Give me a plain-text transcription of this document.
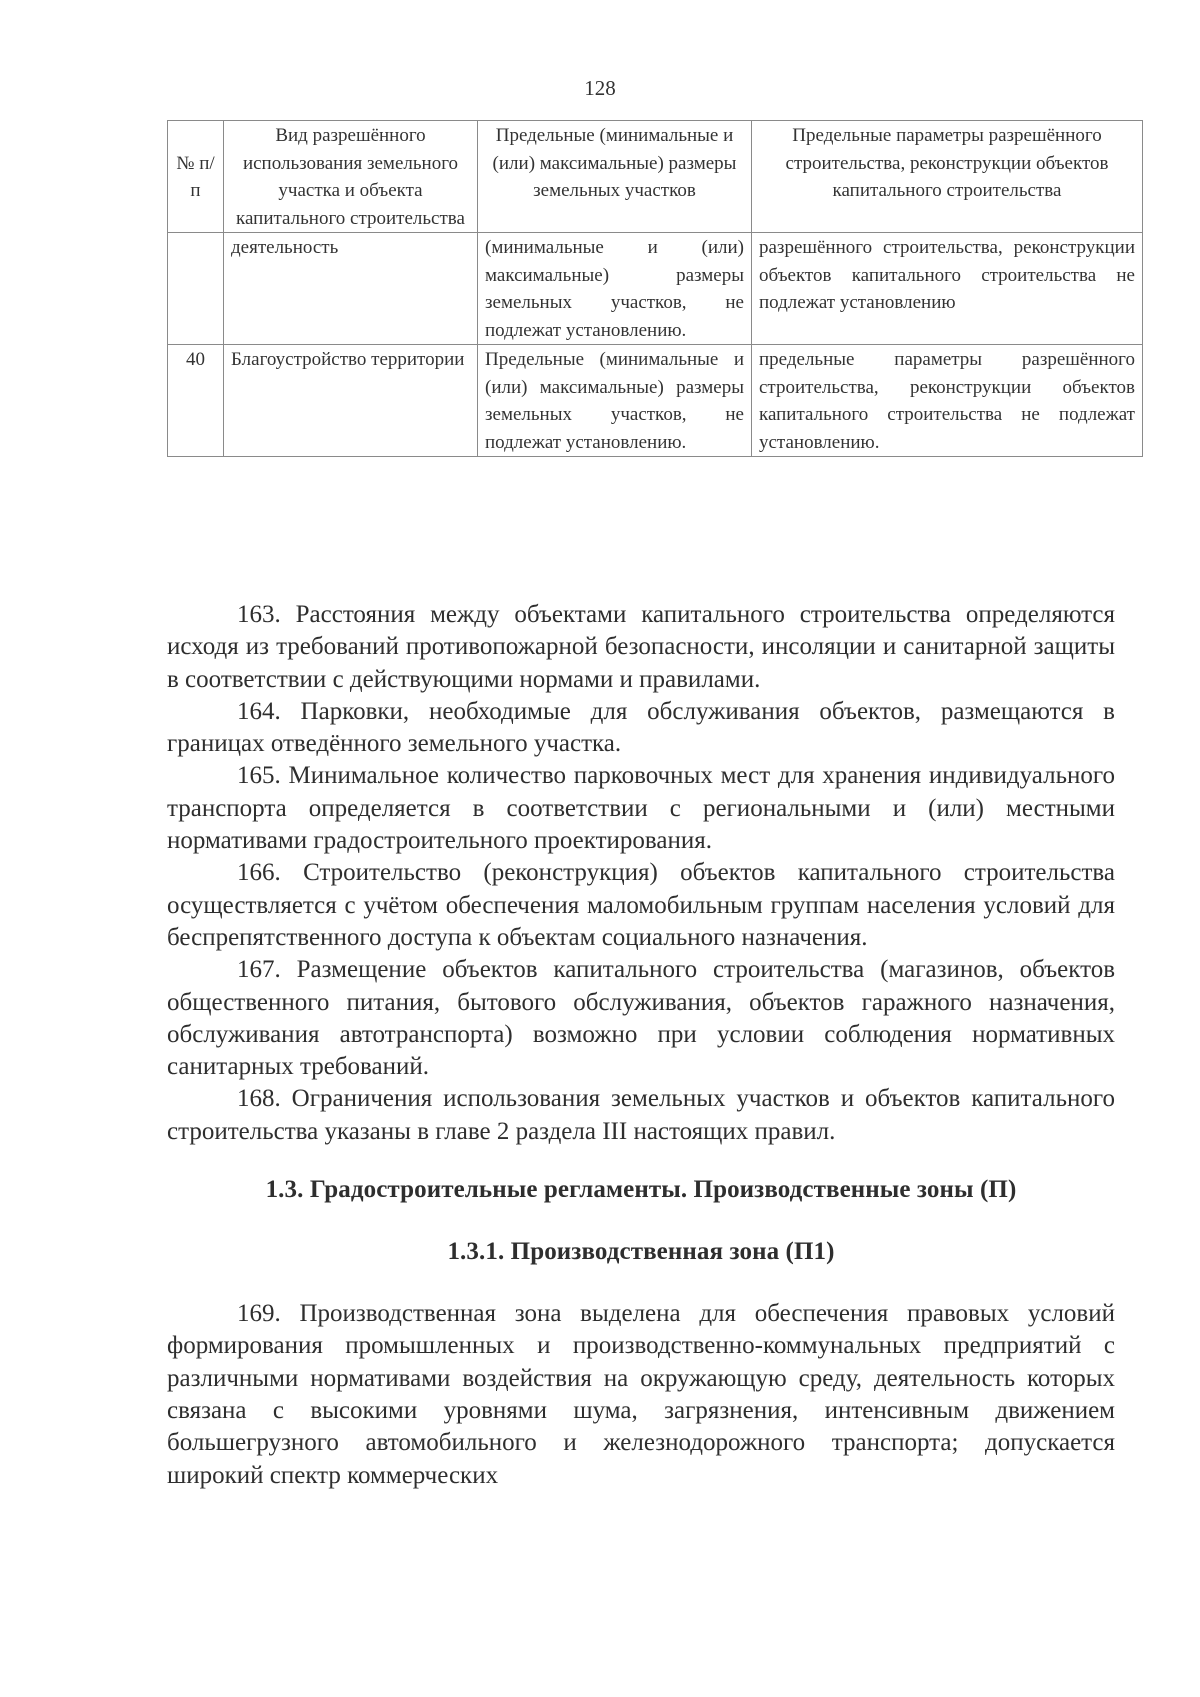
128
№ п/п	Вид разрешённого использования земельного участка и объекта капитального строительства	Предельные (минимальные и (или) максимальные) размеры земельных участков	Предельные параметры разрешённого строительства, реконструкции объектов капитального строительства
	деятельность	(минимальные и (или) максимальные) размеры земельных участков, не подлежат установлению.	разрешённого строительства, реконструкции объектов капитального строительства не подлежат установлению
40	Благоустройство территории	Предельные (минимальные и (или) максимальные) размеры земельных участков, не подлежат установлению.	предельные параметры разрешённого строительства, реконструкции объектов капитального строительства не подлежат установлению.

163. Расстояния между объектами капитального строительства определяются исходя из требований противопожарной безопасности, инсоляции и санитарной защиты в соответствии с действующими нормами и правилами.

164. Парковки, необходимые для обслуживания объектов, размещаются в границах отведённого земельного участка.

165. Минимальное количество парковочных мест для хранения индивидуального транспорта определяется в соответствии с региональными и (или) местными нормативами градостроительного проектирования.

166. Строительство (реконструкция) объектов капитального строительства осуществляется с учётом обеспечения маломобильным группам населения условий для беспрепятственного доступа к объектам социального назначения.

167. Размещение объектов капитального строительства (магазинов, объектов общественного питания, бытового обслуживания, объектов гаражного назначения, обслуживания автотранспорта) возможно при условии соблюдения нормативных санитарных требований.

168. Ограничения использования земельных участков и объектов капитального строительства указаны в главе 2 раздела III настоящих правил.

1.3. Градостроительные регламенты. Производственные зоны (П)
1.3.1. Производственная зона (П1)

169. Производственная зона выделена для обеспечения правовых условий формирования промышленных и производственно-коммунальных предприятий с различными нормативами воздействия на окружающую среду, деятельность которых связана с высокими уровнями шума, загрязнения, интенсивным движением большегрузного автомобильного и железнодорожного транспорта; допускается широкий спектр коммерческих
